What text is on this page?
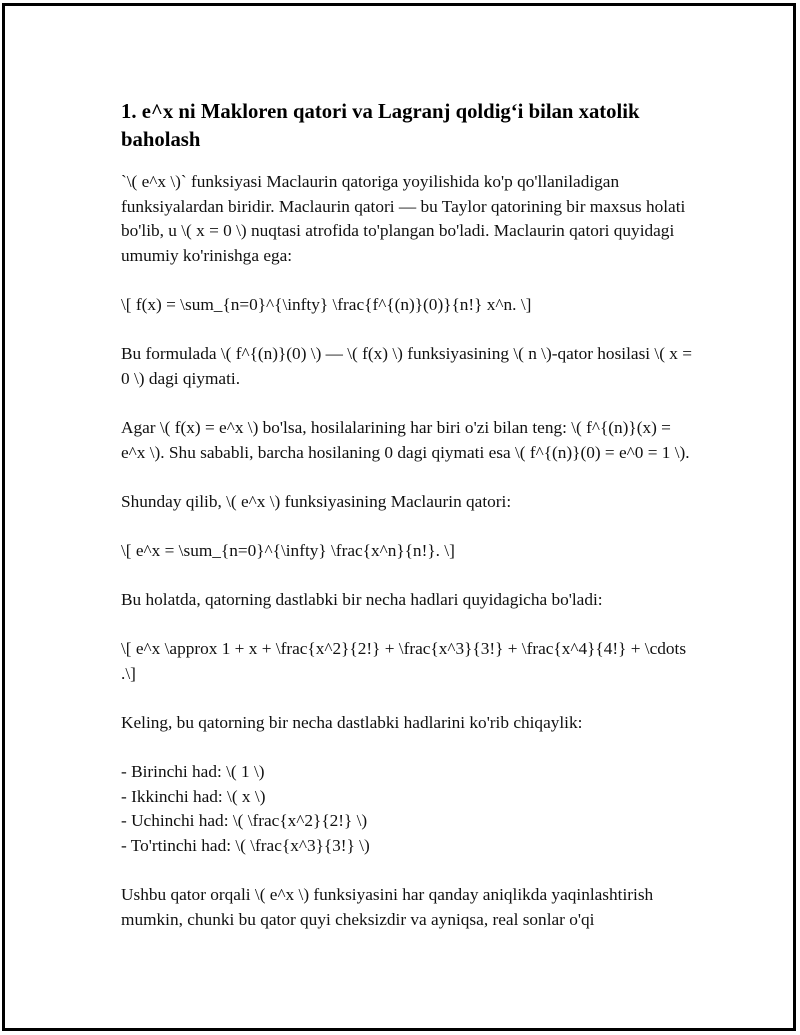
1. e^x ni Makloren qatori va Lagranj qoldig‘i bilan xatolik baholash

`\( e^x \)` funksiyasi Maclaurin qatoriga yoyilishida ko'p qo'llaniladigan funksiyalardan biridir. Maclaurin qatori — bu Taylor qatorining bir maxsus holati bo'lib, u \( x = 0 \) nuqtasi atrofida to'plangan bo'ladi. Maclaurin qatori quyidagi umumiy ko'rinishga ega:

\[ f(x) = \sum_{n=0}^{\infty} \frac{f^{(n)}(0)}{n!} x^n. \]

Bu formulada \( f^{(n)}(0) \) — \( f(x) \) funksiyasining \( n \)-qator hosilasi \( x = 0 \) dagi qiymati.

Agar \( f(x) = e^x \) bo'lsa, hosilalarining har biri o'zi bilan teng: \( f^{(n)}(x) = e^x \). Shu sababli, barcha hosilaning 0 dagi qiymati esa \( f^{(n)}(0) = e^0 = 1 \).

Shunday qilib, \( e^x \) funksiyasining Maclaurin qatori:

\[ e^x = \sum_{n=0}^{\infty} \frac{x^n}{n!}. \]

Bu holatda, qatorning dastlabki bir necha hadlari quyidagicha bo'ladi:

\[ e^x \approx 1 + x + \frac{x^2}{2!} + \frac{x^3}{3!} + \frac{x^4}{4!} + \cdots .\]

Keling, bu qatorning bir necha dastlabki hadlarini ko'rib chiqaylik:

- Birinchi had: \( 1 \)
- Ikkinchi had: \( x \)
- Uchinchi had: \( \frac{x^2}{2!} \)
- To'rtinchi had: \( \frac{x^3}{3!} \)

Ushbu qator orqali \( e^x \) funksiyasini har qanday aniqlikda yaqinlashtirish mumkin, chunki bu qator quyi cheksizdir va ayniqsa, real sonlar o'qi
